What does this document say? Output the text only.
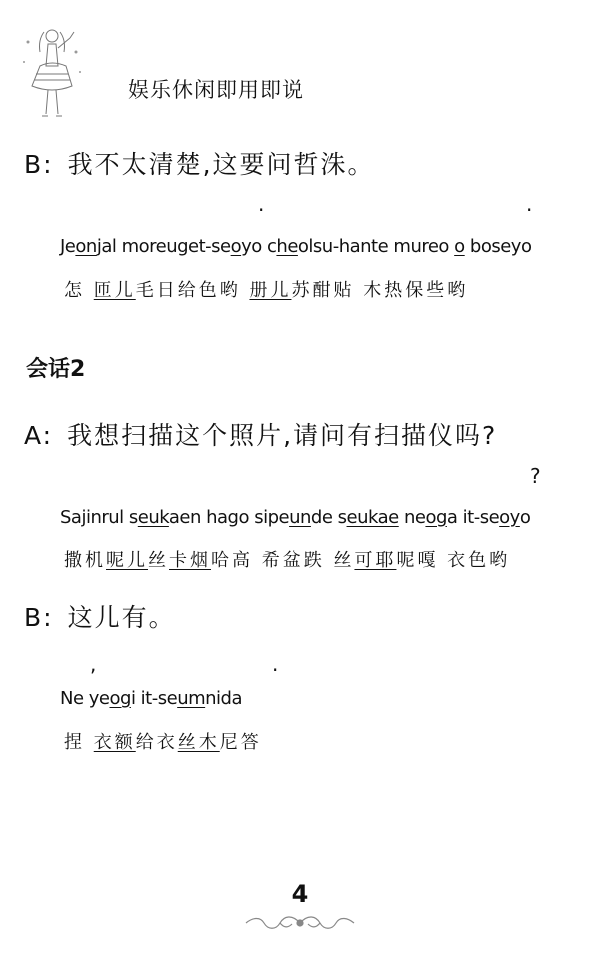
娱乐休闲即用即说
B: 我不太清楚,这要问哲洙。
·	·
Jeonjal moreuget-seoyo cheolsu-hante mureo o boseyo
怎 匝儿毛日给色哟 册儿苏酣贴 木热保些哟
会话2
A: 我想扫描这个照片,请问有扫描仪吗?
?
Sajinrul seukaen hago sipeunde seukae neoga it-seoyo
撒机呢儿丝卡烟哈高 希盆跌 丝可耶呢嘎 衣色哟
B: 这儿有。
,	.
Ne yeogi it-seumnida
捏 衣额给衣丝木尼答
4
